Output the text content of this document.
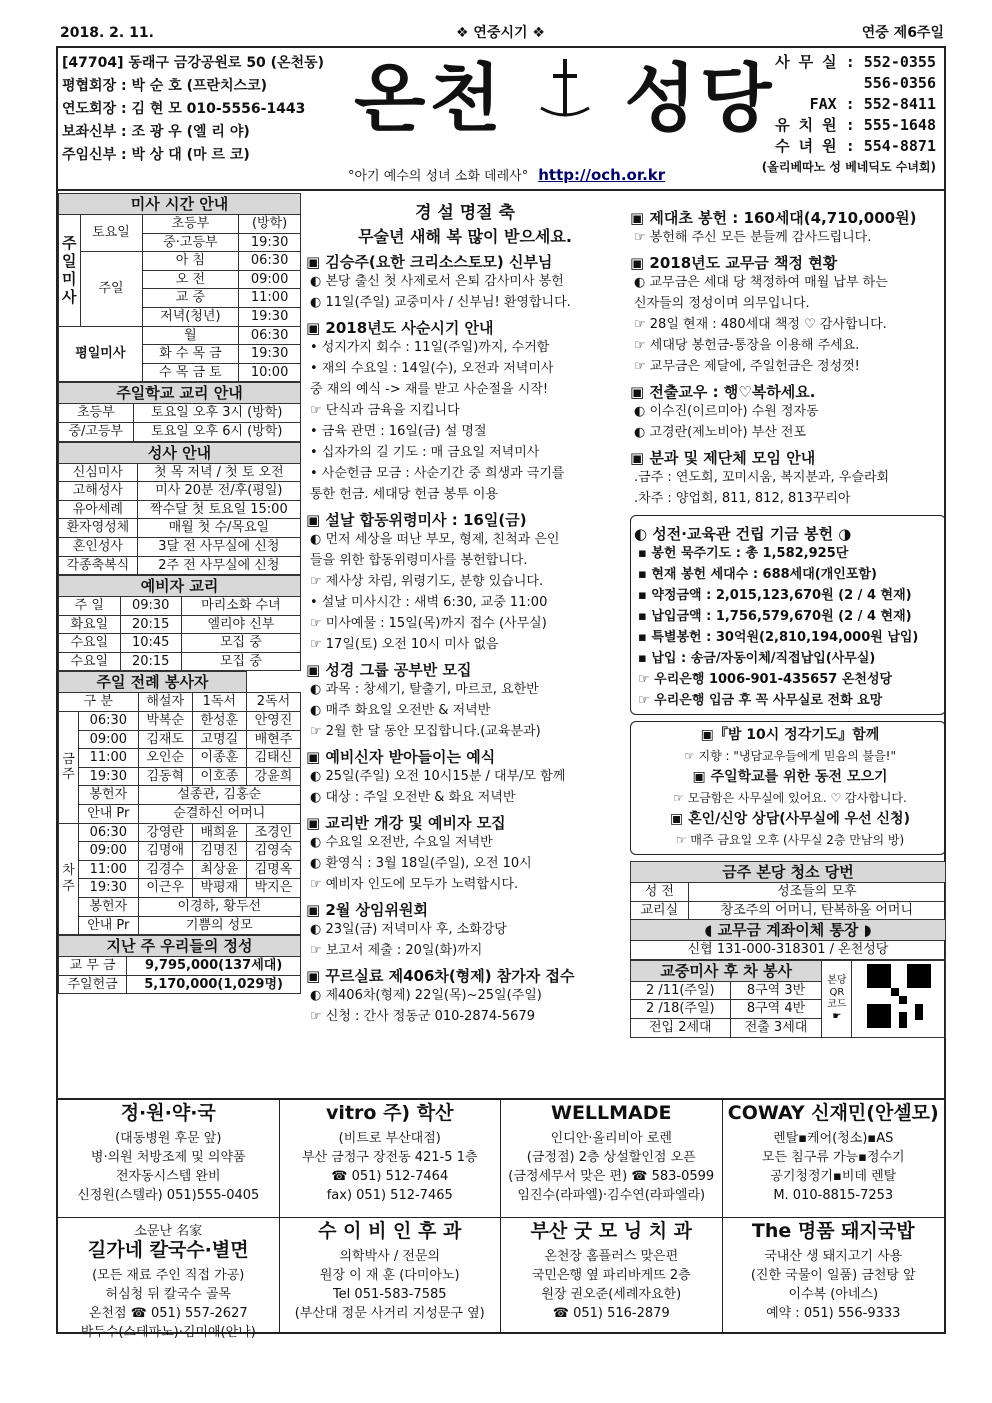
2018. 2. 11.	❖ 연중시기 ❖	연중 제6주일
[47704] 동래구 금강공원로 50 (온천동)
평협회장 : 박 순 호 (프란치스코)
연도회장 : 김 현 모 010-5556-1443
보좌신부 : 조 광 우 (엘 리 야)
주임신부 : 박 상 대 (마 르 코)
온천 성당
°아기 예수의 성녀 소화 데레사° http://och.or.kr
사 무 실 : 552-0355
556-0356
FAX : 552-8411
유 치 원 : 555-1648
수 녀 원 : 554-8871
(올리베따노 성 베네딕도 수녀회)
미사 시간 안내			
주일미사	토요일	초등부	(방학)
		중·고등부	19:30
	주일	아 침	06:30
		오 전	09:00
		교 중	11:00
		저녁(청년)	19:30
평일미사		월	06:30
		화 수 목 금	19:30
		수 목 금 토	10:00
주일학교 교리 안내	
초등부	토요일 오후 3시 (방학)
중/고등부	토요일 오후 6시 (방학)
성사 안내	
신심미사	첫 목 저녁 / 첫 토 오전
고해성사	미사 20분 전/후(평일)
유아세례	짝수달 첫 토요일 15:00
환자영성체	매월 첫 수/목요일
혼인성사	3달 전 사무실에 신청
각종축복식	2주 전 사무실에 신청
예비자 교리		
주 일	09:30	마리소화 수녀
화요일	20:15	엘리야 신부
수요일	10:45	모집 중
수요일	20:15	모집 중
주일 전례 봉사자				
구 분		해설자	1독서	2독서
금주	06:30	박복순	한성훈	안영진
	09:00	김재도	고명길	배현주
	11:00	오인순	이종훈	김태신
	19:30	김동혁	이호종	강윤희
	봉헌자	설종관, 김홍순		
	안내 Pr	순결하신 어머니		
차주	06:30	강영란	배희윤	조경인
	09:00	김명애	김명진	김영숙
	11:00	김경수	최상윤	김명옥
	19:30	이근우	박평재	박지은
	봉헌자	이경하, 황두선		
	안내 Pr	기쁨의 성모		
지난 주 우리들의 정성	
교 무 금	9,795,000(137세대)
주일헌금	5,170,000(1,029명)
경 설 명절 축
무술년 새해 복 많이 받으세요.
▣ 김승주(요한 크리소스토모) 신부님
◐ 본당 출신 첫 사제로서 은퇴 감사미사 봉헌
◐ 11일(주일) 교중미사 / 신부님! 환영합니다.
▣ 2018년도 사순시기 안내
• 성지가지 회수 : 11일(주일)까지, 수거함
• 재의 수요일 : 14일(수), 오전과 저녁미사
중 재의 예식 -> 재를 받고 사순절을 시작!
☞ 단식과 금육을 지킵니다
• 금육 관면 : 16일(금) 설 명절
• 십자가의 길 기도 : 매 금요일 저녁미사
• 사순헌금 모금 : 사순기간 중 희생과 극기를
통한 헌금. 세대당 헌금 봉투 이용
▣ 설날 합동위령미사 : 16일(금)
◐ 먼저 세상을 떠난 부모, 형제, 친척과 은인
들을 위한 합동위령미사를 봉헌합니다.
☞ 제사상 차림, 위령기도, 분향 있습니다.
• 설날 미사시간 : 새벽 6:30, 교중 11:00
☞ 미사예물 : 15일(목)까지 접수 (사무실)
☞ 17일(토) 오전 10시 미사 없음
▣ 성경 그룹 공부반 모집
◐ 과목 : 창세기, 탈출기, 마르코, 요한반
◐ 매주 화요일 오전반 & 저녁반
☞ 2월 한 달 동안 모집합니다.(교육분과)
▣ 예비신자 받아들이는 예식
◐ 25일(주일) 오전 10시15분 / 대부/모 함께
◐ 대상 : 주일 오전반 & 화요 저녁반
▣ 교리반 개강 및 예비자 모집
◐ 수요일 오전반, 수요일 저녁반
◐ 환영식 : 3월 18일(주일), 오전 10시
☞ 예비자 인도에 모두가 노력합시다.
▣ 2월 상임위원회
◐ 23일(금) 저녁미사 후, 소화강당
☞ 보고서 제출 : 20일(화)까지
▣ 꾸르실료 제406차(형제) 참가자 접수
◐ 제406차(형제) 22일(목)~25일(주일)
☞ 신청 : 간사 정동군 010-2874-5679
▣ 제대초 봉헌 : 160세대(4,710,000원)
☞ 봉헌해 주신 모든 분들께 감사드립니다.
▣ 2018년도 교무금 책정 현황
◐ 교무금은 세대 당 책정하여 매월 납부 하는
신자들의 정성이며 의무입니다.
☞ 28일 현재 : 480세대 책정 ♡ 감사합니다.
☞ 세대당 봉헌금-통장을 이용해 주세요.
☞ 교무금은 제달에, 주일헌금은 정성껏!
▣ 전출교우 : 행♡복하세요.
◐ 이수진(이르미아) 수원 정자동
◐ 고경란(제노비아) 부산 전포
▣ 분과 및 제단체 모임 안내
.금주 : 연도회, 꼬미시움, 복지분과, 우슬라회
.차주 : 양업회, 811, 812, 813꾸리아
◐ 성전·교육관 건립 기금 봉헌 ◑
▪ 봉헌 묵주기도 : 총 1,582,925단
▪ 현재 봉헌 세대수 : 688세대(개인포함)
▪ 약정금액 : 2,015,123,670원 (2 / 4 현재)
▪ 납입금액 : 1,756,579,670원 (2 / 4 현재)
▪ 특별봉헌 : 30억원(2,810,194,000원 납입)
▪ 납입 : 송금/자동이체/직접납입(사무실)
☞ 우리은행 1006-901-435657 온천성당
☞ 우리은행 입금 후 꼭 사무실로 전화 요망
▣『밤 10시 정각기도』함께
☞ 지향 : "냉담교우들에게 믿음의 불을!"
▣ 주일학교를 위한 동전 모으기
☞ 모금함은 사무실에 있어요. ♡ 감사합니다.
▣ 혼인/신앙 상담(사무실에 우선 신청)
☞ 매주 금요일 오후 (사무실 2층 만남의 방)
금주 본당 청소 당번	
성 전	성조들의 모후
교리실	창조주의 어머니, 탄복하올 어머니
◖ 교무금 계좌이체 통장 ◗	
신협 131-000-318301 / 온천성당	
교중미사 후 차 봉사		본당 QR 코드 ☛	
2 /11(주일)	8구역 3반		
2 /18(주일)	8구역 4반		
전입 2세대	전출 3세대		
정·원·약·국
(대동병원 후문 앞)
병·의원 처방조제 및 의약품
전자동시스템 완비
신정원(스텔라) 051)555-0405
vitro 주) 학산
(비트로 부산대점)
부산 금정구 장전동 421-5 1층
☎ 051) 512-7464
fax) 051) 512-7465
WELLMADE
인디안·올리비아 로렌
(금정점) 2층 상설할인점 오픈
(금정세무서 맞은 편) ☎ 583-0599
임진수(라파엘)·김수연(라파엘라)
COWAY 신재민(안셀모)
렌탈▪케어(청소)▪AS
모든 침구류 가능▪정수기
공기청정기▪비데 렌탈
M. 010-8815-7253
소문난 名家
길가네 칼국수·별면
(모든 재료 주인 직접 가공)
허심청 뒤 칼국수 골목
온천점 ☎ 051) 557-2627
박두수(스테파노)·김미애(안나)
수 이 비 인 후 과
의학박사 / 전문의
원장 이 재 훈 (다미아노)
Tel 051-583-7585
(부산대 정문 사거리 지성문구 옆)
부산 굿 모 닝 치 과
온천장 홈플러스 맞은편
국민은행 옆 파리바게뜨 2층
원장 권오준(세례자요한)
☎ 051) 516-2879
The 명품 돼지국밥
국내산 생 돼지고기 사용
(진한 국물이 일품) 금천탕 앞
이수복 (아네스)
예약 : 051) 556-9333
